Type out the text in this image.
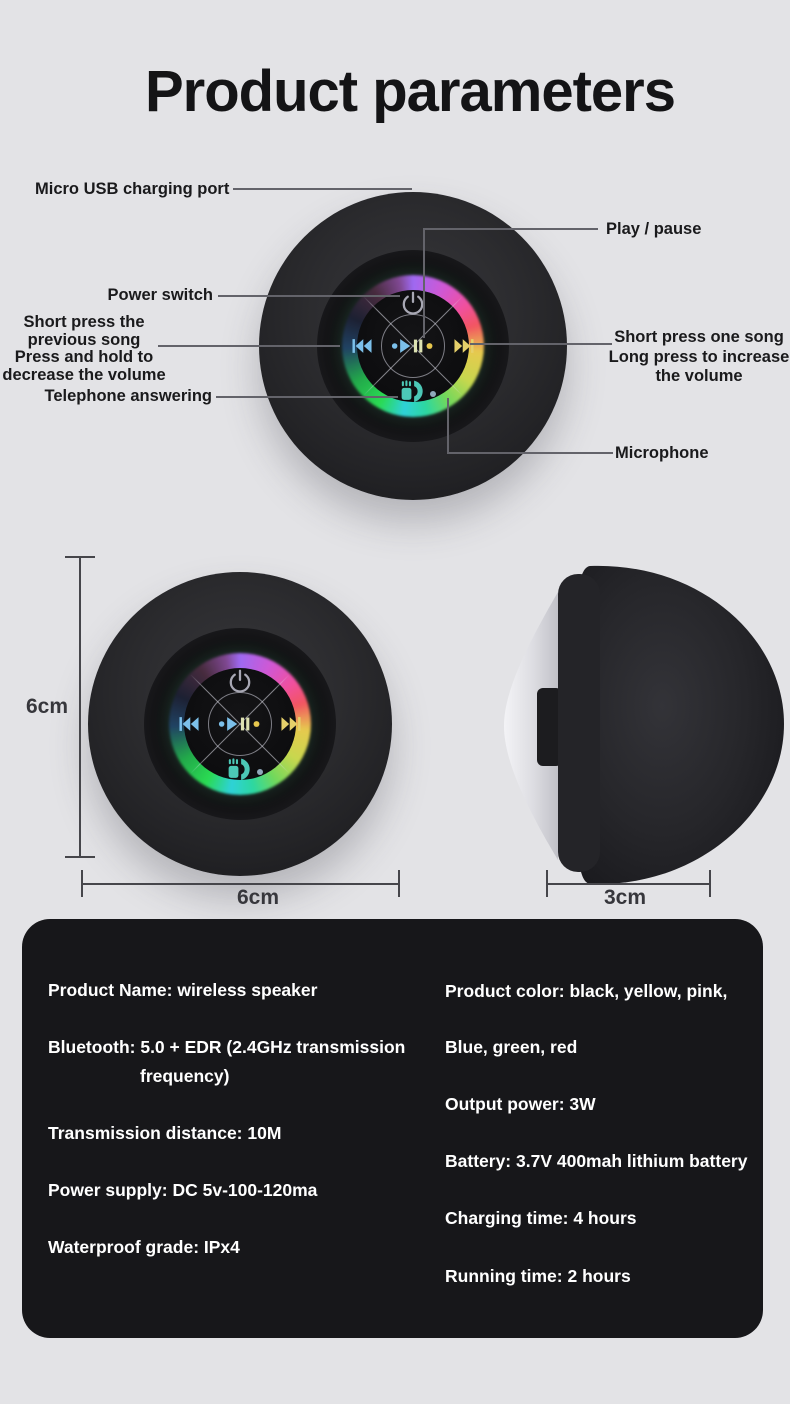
Product parameters
Micro USB charging port
Play / pause
Power switch
Short press the
previous song
Press and hold to
decrease the volume
Telephone answering
Short press one song
Long press to increase
the volume
Microphone
6cm
6cm	3cm
Product Name: wireless speaker
Bluetooth: 5.0 + EDR (2.4GHz transmission
frequency)
Transmission distance: 10M
Power supply: DC 5v-100-120ma
Waterproof grade: IPx4
Product color: black, yellow, pink,
Blue, green, red
Output power: 3W
Battery: 3.7V 400mah lithium battery
Charging time: 4 hours
Running time: 2 hours
